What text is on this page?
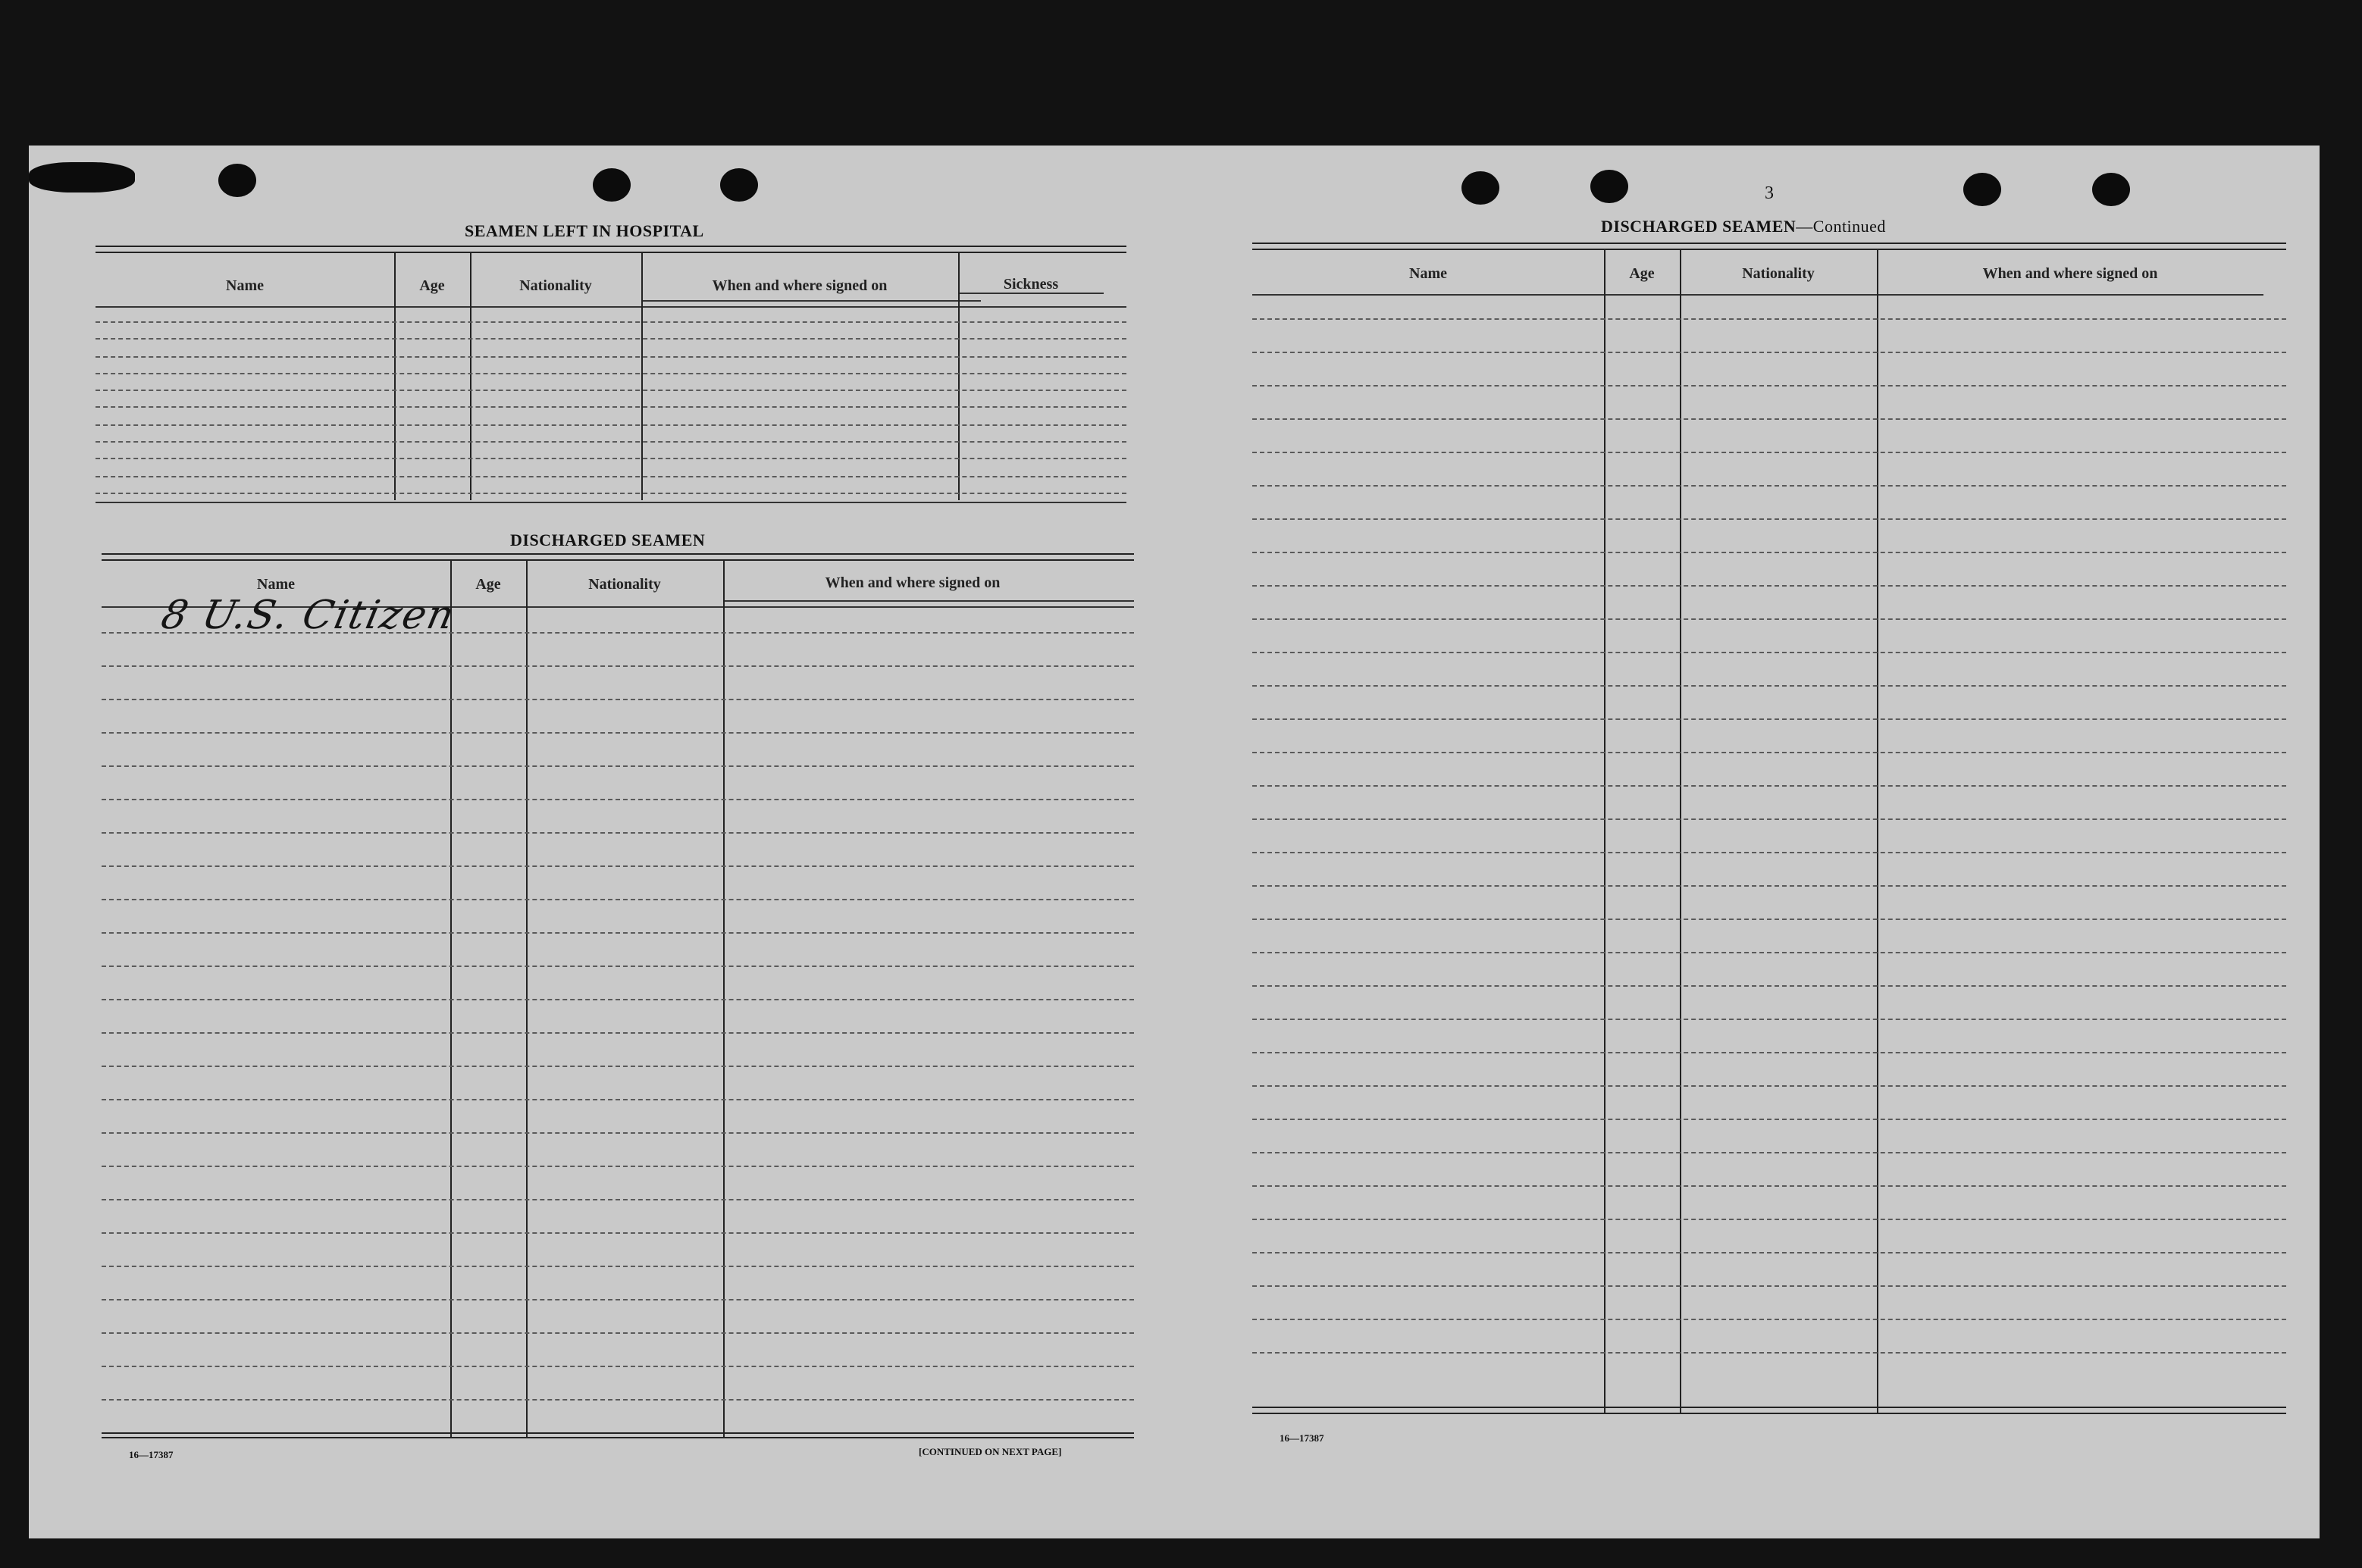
SEAMEN LEFT IN HOSPITAL
Name	Age	Nationality	When and where signed on	Sickness
DISCHARGED SEAMEN
Name	Age	Nationality	When and where signed on
8 U.S. Citizen
16—17387	[CONTINUED ON NEXT PAGE]
3
DISCHARGED SEAMEN—Continued
Name	Age	Nationality	When and where signed on
16—17387
